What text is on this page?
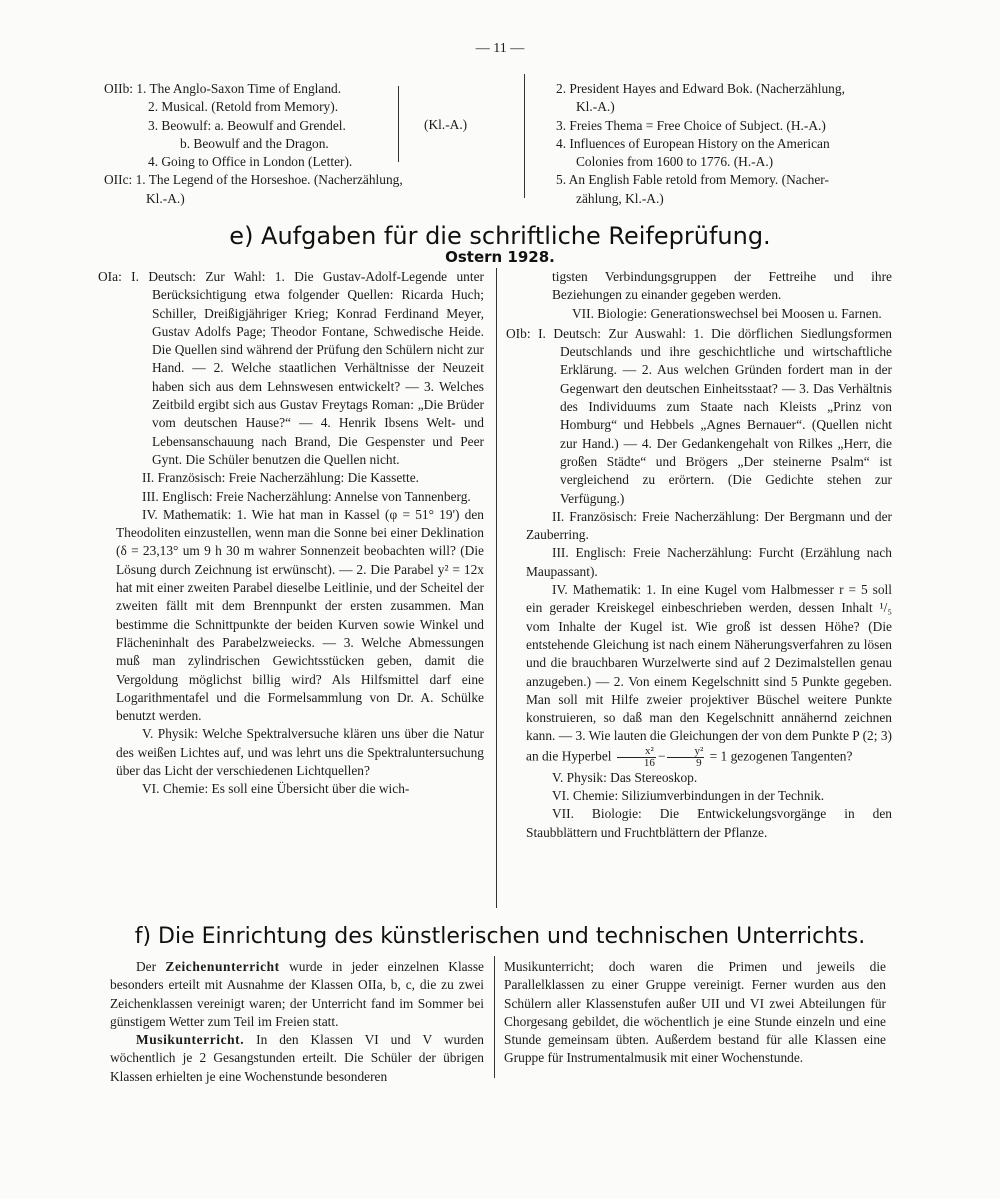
— 11 —
OIIb: 1. The Anglo-Saxon Time of England.
2. Musical. (Retold from Memory).
3. Beowulf: a. Beowulf and Grendel.
b. Beowulf and the Dragon.
4. Going to Office in London (Letter).
OIIc: 1. The Legend of the Horseshoe. (Nacherzählung,
Kl.-A.)
(Kl.-A.)
2. President Hayes and Edward Bok. (Nacherzählung,
Kl.-A.)
3. Freies Thema = Free Choice of Subject. (H.-A.)
4. Influences of European History on the American
Colonies from 1600 to 1776. (H.-A.)
5. An English Fable retold from Memory. (Nacher-
zählung, Kl.-A.)
e) Aufgaben für die schriftliche Reifeprüfung.
Ostern 1928.

OIa: I. Deutsch: Zur Wahl: 1. Die Gustav-Adolf-Legende unter Berücksichtigung etwa folgender Quellen: Ricarda Huch; Schiller, Dreißigjähriger Krieg; Konrad Ferdinand Meyer, Gustav Adolfs Page; Theodor Fontane, Schwedische Heide. Die Quellen sind während der Prüfung den Schülern nicht zur Hand. — 2. Welche staatlichen Verhältnisse der Neuzeit haben sich aus dem Lehnswesen entwickelt? — 3. Welches Zeitbild ergibt sich aus Gustav Freytags Roman: „Die Brüder vom deutschen Hause?“ — 4. Henrik Ibsens Welt- und Lebensanschauung nach Brand, Die Gespenster und Peer Gynt. Die Schüler benutzen die Quellen nicht.

II. Französisch: Freie Nacherzählung: Die Kassette.

III. Englisch: Freie Nacherzählung: Annelse von Tannenberg.

IV. Mathematik: 1. Wie hat man in Kassel (φ = 51° 19') den Theodoliten einzustellen, wenn man die Sonne bei einer Deklination (δ = 23,13° um 9 h 30 m wahrer Sonnenzeit beobachten will? (Die Lösung durch Zeichnung ist erwünscht). — 2. Die Parabel y² = 12x hat mit einer zweiten Parabel dieselbe Leitlinie, und der Scheitel der zweiten fällt mit dem Brennpunkt der ersten zusammen. Man bestimme die Schnittpunkte der beiden Kurven sowie Winkel und Flächeninhalt des Parabelzweiecks. — 3. Welche Abmessungen muß man zylindrischen Gewichtsstücken geben, damit die Vergoldung möglichst billig wird? Als Hilfsmittel darf eine Logarithmentafel und die Formelsammlung von Dr. A. Schülke benutzt werden.

V. Physik: Welche Spektralversuche klären uns über die Natur des weißen Lichtes auf, und was lehrt uns die Spektraluntersuchung über das Licht der verschiedenen Lichtquellen?

VI. Chemie: Es soll eine Übersicht über die wich-

tigsten Verbindungsgruppen der Fettreihe und ihre Beziehungen zu einander gegeben werden.

VII. Biologie: Generationswechsel bei Moosen u. Farnen.

OIb: I. Deutsch: Zur Auswahl: 1. Die dörflichen Siedlungsformen Deutschlands und ihre geschichtliche und wirtschaftliche Erklärung. — 2. Aus welchen Gründen fordert man in der Gegenwart den deutschen Einheitsstaat? — 3. Das Verhältnis des Individuums zum Staate nach Kleists „Prinz von Homburg“ und Hebbels „Agnes Bernauer“. (Quellen nicht zur Hand.) — 4. Der Gedankengehalt von Rilkes „Herr, die großen Städte“ und Brögers „Der steinerne Psalm“ ist vergleichend zu erörtern. (Die Gedichte stehen zur Verfügung.)

II. Französisch: Freie Nacherzählung: Der Bergmann und der Zauberring.

III. Englisch: Freie Nacherzählung: Furcht (Erzählung nach Maupassant).

IV. Mathematik: 1. In eine Kugel vom Halbmesser r = 5 soll ein gerader Kreiskegel einbeschrieben werden, dessen Inhalt ¹/₅ vom Inhalte der Kugel ist. Wie groß ist dessen Höhe? (Die entstehende Gleichung ist nach einem Näherungsverfahren zu lösen und die brauchbaren Wurzelwerte sind auf 2 Dezimalstellen genau anzugeben.) — 2. Von einem Kegelschnitt sind 5 Punkte gegeben. Man soll mit Hilfe zweier projektiver Büschel weitere Punkte konstruieren, so daß man den Kegelschnitt annähernd zeichnen kann. — 3. Wie lauten die Gleichungen der von dem Punkte P (2; 3) an die Hyperbel $\frac{\text{x²}}{16} - \frac{\text{y²}}{9} = 1$ gezogenen Tangenten?

V. Physik: Das Stereoskop.

VI. Chemie: Siliziumverbindungen in der Technik.

VII. Biologie: Die Entwickelungsvorgänge in den Staubblättern und Fruchtblättern der Pflanze.

f) Die Einrichtung des künstlerischen und technischen Unterrichts.

Der Zeichenunterricht wurde in jeder einzelnen Klasse besonders erteilt mit Ausnahme der Klassen OIIa, b, c, die zu zwei Zeichenklassen vereinigt waren; der Unterricht fand im Sommer bei günstigem Wetter zum Teil im Freien statt.

Musikunterricht. In den Klassen VI und V wurden wöchentlich je 2 Gesangstunden erteilt. Die Schüler der übrigen Klassen erhielten je eine Wochenstunde besonderen

Musikunterricht; doch waren die Primen und jeweils die Parallelklassen zu einer Gruppe vereinigt. Ferner wurden aus den Schülern aller Klassenstufen außer UII und VI zwei Abteilungen für Chorgesang gebildet, die wöchentlich je eine Stunde einzeln und eine Stunde gemeinsam übten. Außerdem bestand für alle Klassen eine Gruppe für Instrumentalmusik mit einer Wochenstunde.
